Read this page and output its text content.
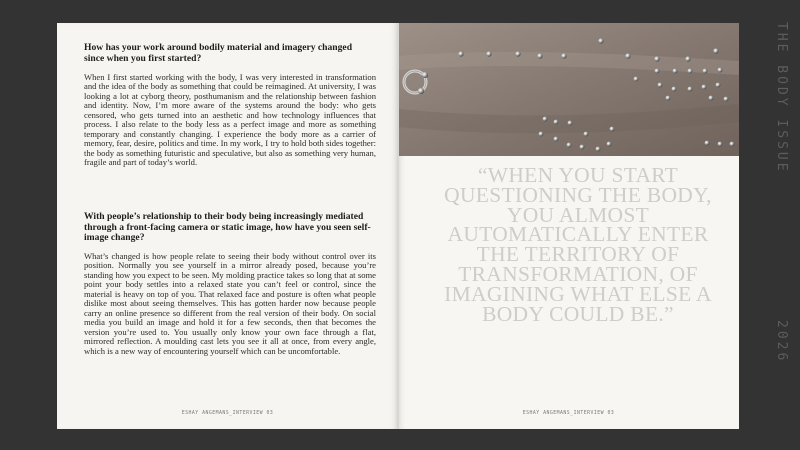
How has your work around bodily material and imagery changed since when you first started?
When I first started working with the body, I was very interested in transformation and the idea of the body as something that could be reimagined. At university, I was looking a lot at cyborg theory, posthumanism and the relationship between fashion and identity. Now, I’m more aware of the systems around the body: who gets censored, who gets turned into an aesthetic and how technology influences that process. I also relate to the body less as a perfect image and more as something temporary and constantly changing. I experience the body more as a carrier of memory, fear, desire, politics and time. In my work, I try to hold both sides together: the body as something futuristic and speculative, but also as something very human, fragile and part of today’s world.
With people’s relationship to their body being increasingly mediated through a front-facing camera or static image, how have you seen self-image change?
What’s changed is how people relate to seeing their body without control over its position. Normally you see yourself in a mirror already posed, because you’re standing how you expect to be seen. My molding practice takes so long that at some point your body settles into a relaxed state you can’t feel or control, since the material is heavy on top of you. That relaxed face and posture is often what people dislike most about seeing themselves. This has gotten harder now because people carry an online presence so different from the real version of their body. On social media you build an image and hold it for a few seconds, then that becomes the version you’re used to. You usually only know your own face through a flat, mirrored reflection. A moulding cast lets you see it all at once, from every angle, which is a new way of encountering yourself which can be uncomfortable.
ESHAY ANGEMANS_INTERVIEW 03
“WHEN YOU START QUESTIONING THE BODY, YOU ALMOST AUTOMATICALLY ENTER THE TERRITORY OF TRANSFORMATION, OF IMAGINING WHAT ELSE A BODY COULD BE.”
ESHAY ANGEMANS_INTERVIEW 03
THE BODY ISSUE
2026
